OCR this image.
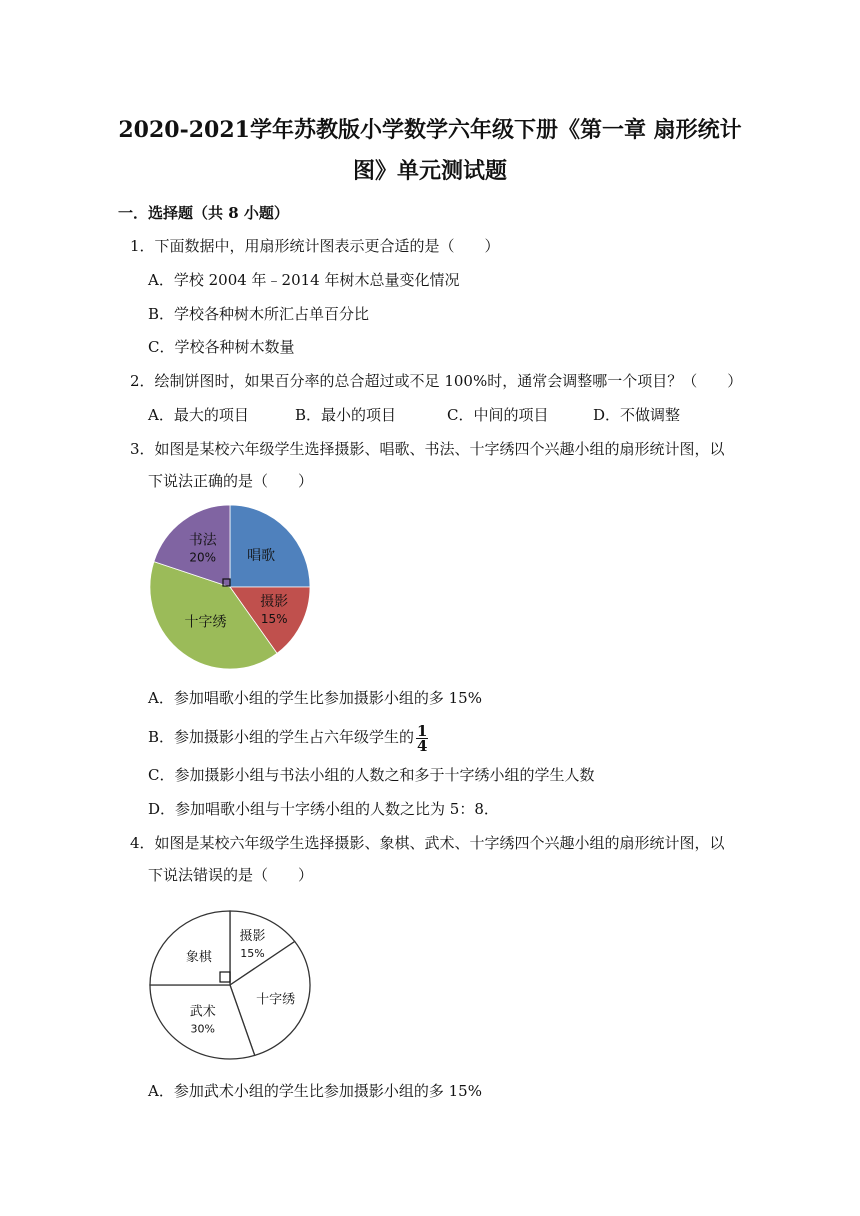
2020-2021学年苏教版小学数学六年级下册《第一章 扇形统计
图》单元测试题
一．选择题（共 8 小题）
1．下面数据中，用扇形统计图表示更合适的是（　　）
A．学校 2004 年﹣2014 年树木总量变化情况
B．学校各种树木所汇占单百分比
C．学校各种树木数量
2．绘制饼图时，如果百分率的总合超过或不足 100%时，通常会调整哪一个项目？（　　）
A．最大的项目	B．最小的项目	C．中间的项目	D．不做调整
3．如图是某校六年级学生选择摄影、唱歌、书法、十字绣四个兴趣小组的扇形统计图，以
下说法正确的是（　　）
唱歌
摄影
15%
十字绣
书法
20%
A．参加唱歌小组的学生比参加摄影小组的多 15%
B．参加摄影小组的学生占六年级学生的 $\frac{1}{4}$
C．参加摄影小组与书法小组的人数之和多于十字绣小组的学生人数
D．参加唱歌小组与十字绣小组的人数之比为 5：8．
4．如图是某校六年级学生选择摄影、象棋、武术、十字绣四个兴趣小组的扇形统计图，以
下说法错误的是（　　）
摄影
15%
十字绣
武术
30%
象棋
A．参加武术小组的学生比参加摄影小组的多 15%
